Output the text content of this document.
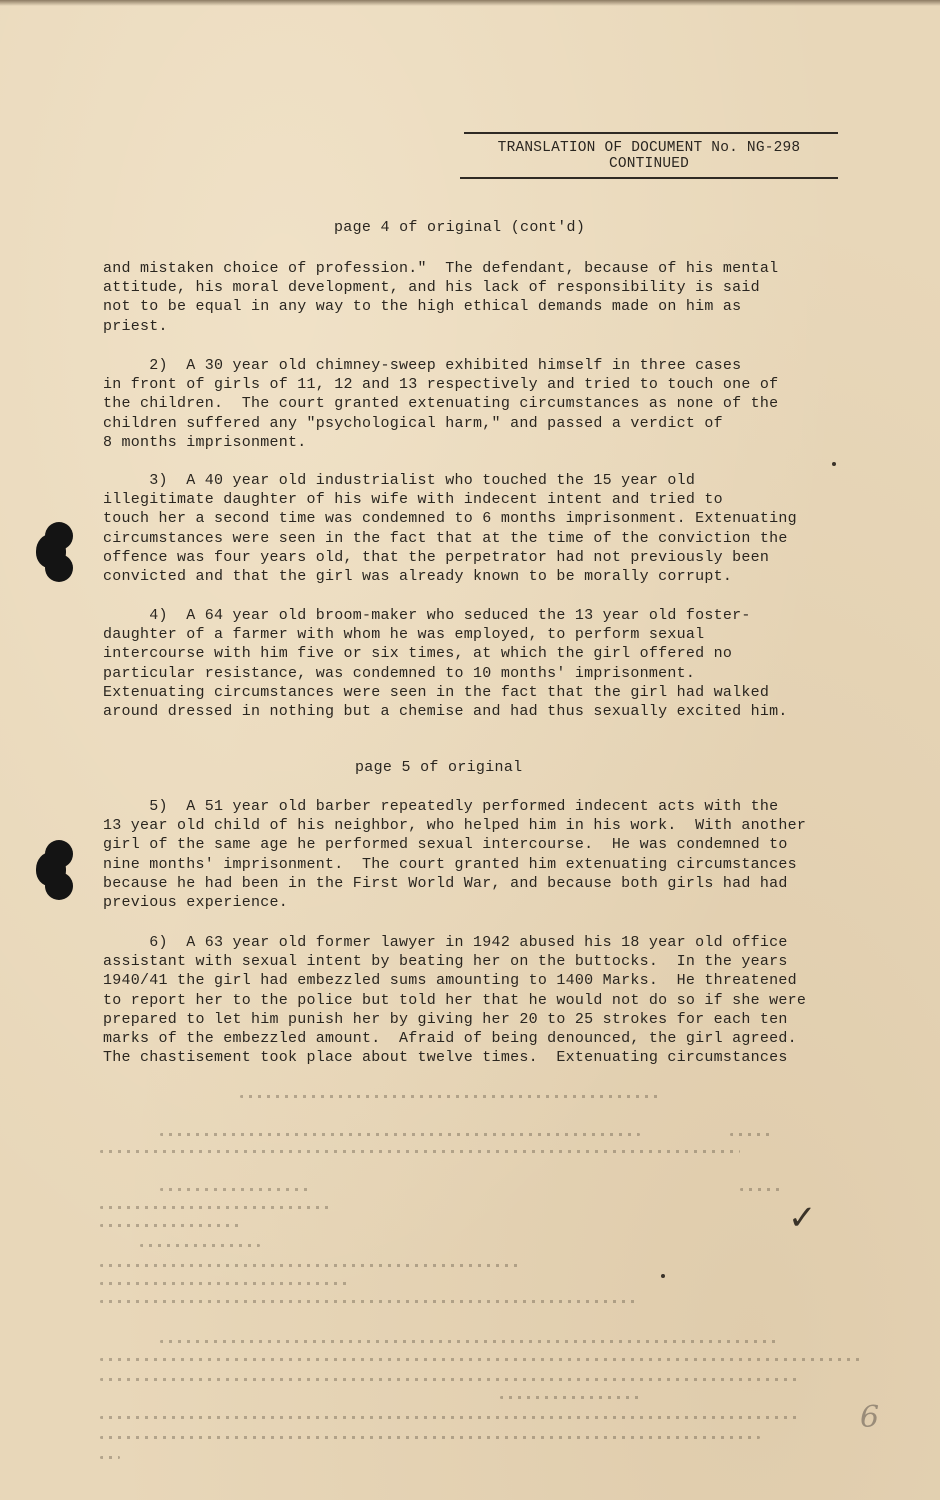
TRANSLATION OF DOCUMENT No. NG-298
CONTINUED
page 4 of original (cont'd)
and mistaken choice of profession."  The defendant, because of his mental
attitude, his moral development, and his lack of responsibility is said
not to be equal in any way to the high ethical demands made on him as
priest.
2)  A 30 year old chimney-sweep exhibited himself in three cases
in front of girls of 11, 12 and 13 respectively and tried to touch one of
the children.  The court granted extenuating circumstances as none of the
children suffered any "psychological harm," and passed a verdict of
8 months imprisonment.
3)  A 40 year old industrialist who touched the 15 year old
illegitimate daughter of his wife with indecent intent and tried to
touch her a second time was condemned to 6 months imprisonment. Extenuating
circumstances were seen in the fact that at the time of the conviction the
offence was four years old, that the perpetrator had not previously been
convicted and that the girl was already known to be morally corrupt.
4)  A 64 year old broom-maker who seduced the 13 year old foster-
daughter of a farmer with whom he was employed, to perform sexual
intercourse with him five or six times, at which the girl offered no
particular resistance, was condemned to 10 months' imprisonment.
Extenuating circumstances were seen in the fact that the girl had walked
around dressed in nothing but a chemise and had thus sexually excited him.
page 5 of original
5)  A 51 year old barber repeatedly performed indecent acts with the
13 year old child of his neighbor, who helped him in his work.  With another
girl of the same age he performed sexual intercourse.  He was condemned to
nine months' imprisonment.  The court granted him extenuating circumstances
because he had been in the First World War, and because both girls had had
previous experience.
6)  A 63 year old former lawyer in 1942 abused his 18 year old office
assistant with sexual intent by beating her on the buttocks.  In the years
1940/41 the girl had embezzled sums amounting to 1400 Marks.  He threatened
to report her to the police but told her that he would not do so if she were
prepared to let him punish her by giving her 20 to 25 strokes for each ten
marks of the embezzled amount.  Afraid of being denounced, the girl agreed.
The chastisement took place about twelve times.  Extenuating circumstances
✓
6
